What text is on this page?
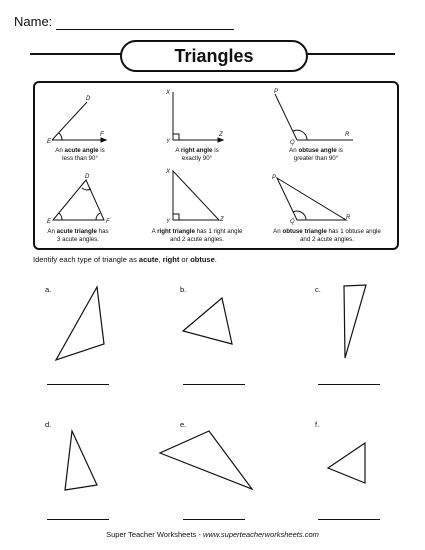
Name:
Triangles
D
E
F
X
Y
Z
P
Q
R
D
E	F
X
Y	Z
P
Q
R
An acute angle is
less than 90°
A right angle is
exactly 90°
An obtuse angle is
greater than 90°
An acute triangle has
3 acute angles.
A right triangle has 1 right angle
and 2 acute angles.
An obtuse triangle has 1 obtuse angle
and 2 acute angles.
Identify each type of triangle as acute, right or obtuse.
a.	b.	c.
d.	e.	f.
Super Teacher Worksheets - www.superteacherworksheets.com
